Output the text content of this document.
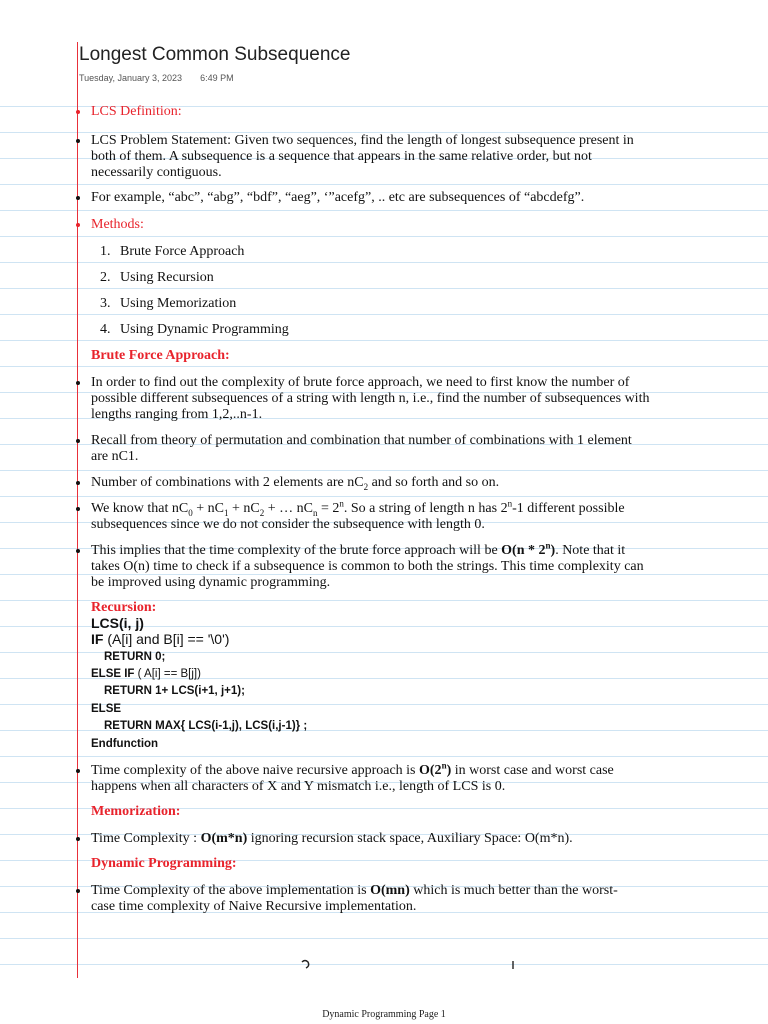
Longest Common Subsequence
Tuesday, January 3, 2023 6:49 PM
LCS Definition:
LCS Problem Statement: Given two sequences, find the length of longest subsequence present in both of them. A subsequence is a sequence that appears in the same relative order, but not necessarily contiguous.
For example, “abc”, “abg”, “bdf”, “aeg”, ‘”acefg”, .. etc are subsequences of “abcdefg”.
Methods:
1. Brute Force Approach
2. Using Recursion
3. Using Memorization
4. Using Dynamic Programming
Brute Force Approach:
In order to find out the complexity of brute force approach, we need to first know the number of possible different subsequences of a string with length n, i.e., find the number of subsequences with lengths ranging from 1,2,..n-1.
Recall from theory of permutation and combination that number of combinations with 1 element are nC1.
Number of combinations with 2 elements are $nC_2$ and so forth and so on.
We know that $nC_0 + nC_1 + nC_2$ + … $nC_n = 2^n$. So a string of length n has 2$^n$-1 different possible subsequences since we do not consider the subsequence with length 0.
This implies that the time complexity of the brute force approach will be O(n * 2$^n$). Note that it takes O(n) time to check if a subsequence is common to both the strings. This time complexity can be improved using dynamic programming.
Recursion:
LCS(i, j)
IF (A[i] and B[i] == '\0')
RETURN 0;
ELSE IF ( A[i] == B[j])
RETURN 1+ LCS(i+1, j+1);
ELSE
RETURN MAX{ LCS(i-1,j), LCS(i,j-1)} ;
Endfunction
Time complexity of the above naive recursive approach is O(2$^n$) in worst case and worst case happens when all characters of X and Y mismatch i.e., length of LCS is 0.
Memorization:
Time Complexity : O(m*n) ignoring recursion stack space, Auxiliary Space: O(m*n).
Dynamic Programming:
Time Complexity of the above implementation is O(mn) which is much better than the worst-case time complexity of Naive Recursive implementation.
Dynamic Programming Page 1
